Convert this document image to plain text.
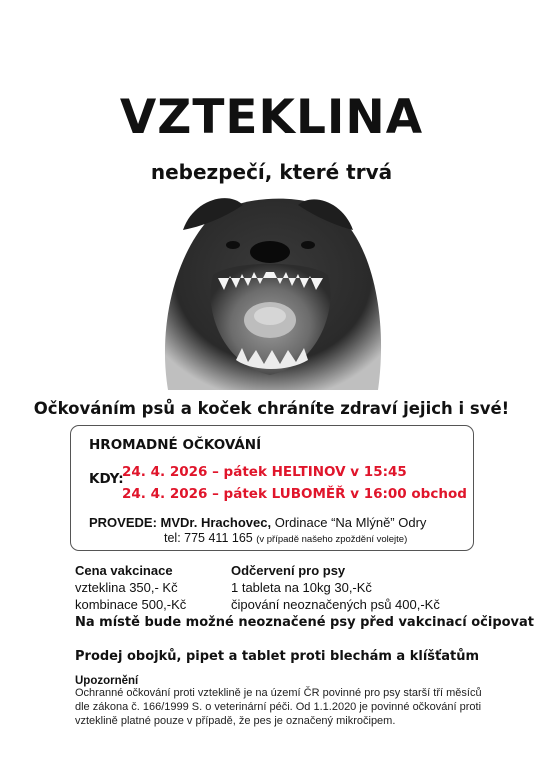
VZTEKLINA
nebezpečí, které trvá
Očkováním psů a koček chráníte zdraví jejich i své!
HROMADNÉ OČKOVÁNÍ
KDY:
24. 4. 2026 – pátek HELTINOV v 15:45
24. 4. 2026 – pátek LUBOMĚŘ v 16:00 obchod
PROVEDE: MVDr. Hrachovec, Ordinace “Na Mlýně” Odry
tel: 775 411 165 (v případě našeho zpoždění volejte)
Cena vakcinace
vzteklina 350,- Kč
kombinace 500,-Kč
Odčervení pro psy
1 tableta na 10kg 30,-Kč
čipování neoznačených psů 400,-Kč
Na místě bude možné neoznačené psy před vakcinací očipovat
Prodej obojků, pipet a tablet proti blechám a klíšťatům
Upozornění
Ochranné očkování proti vzteklině je na území ČR povinné pro psy starší tří měsíců
dle zákona č. 166/1999 S. o veterinární péči. Od 1.1.2020 je povinné očkování proti
vzteklině platné pouze v případě, že pes je označený mikročipem.
